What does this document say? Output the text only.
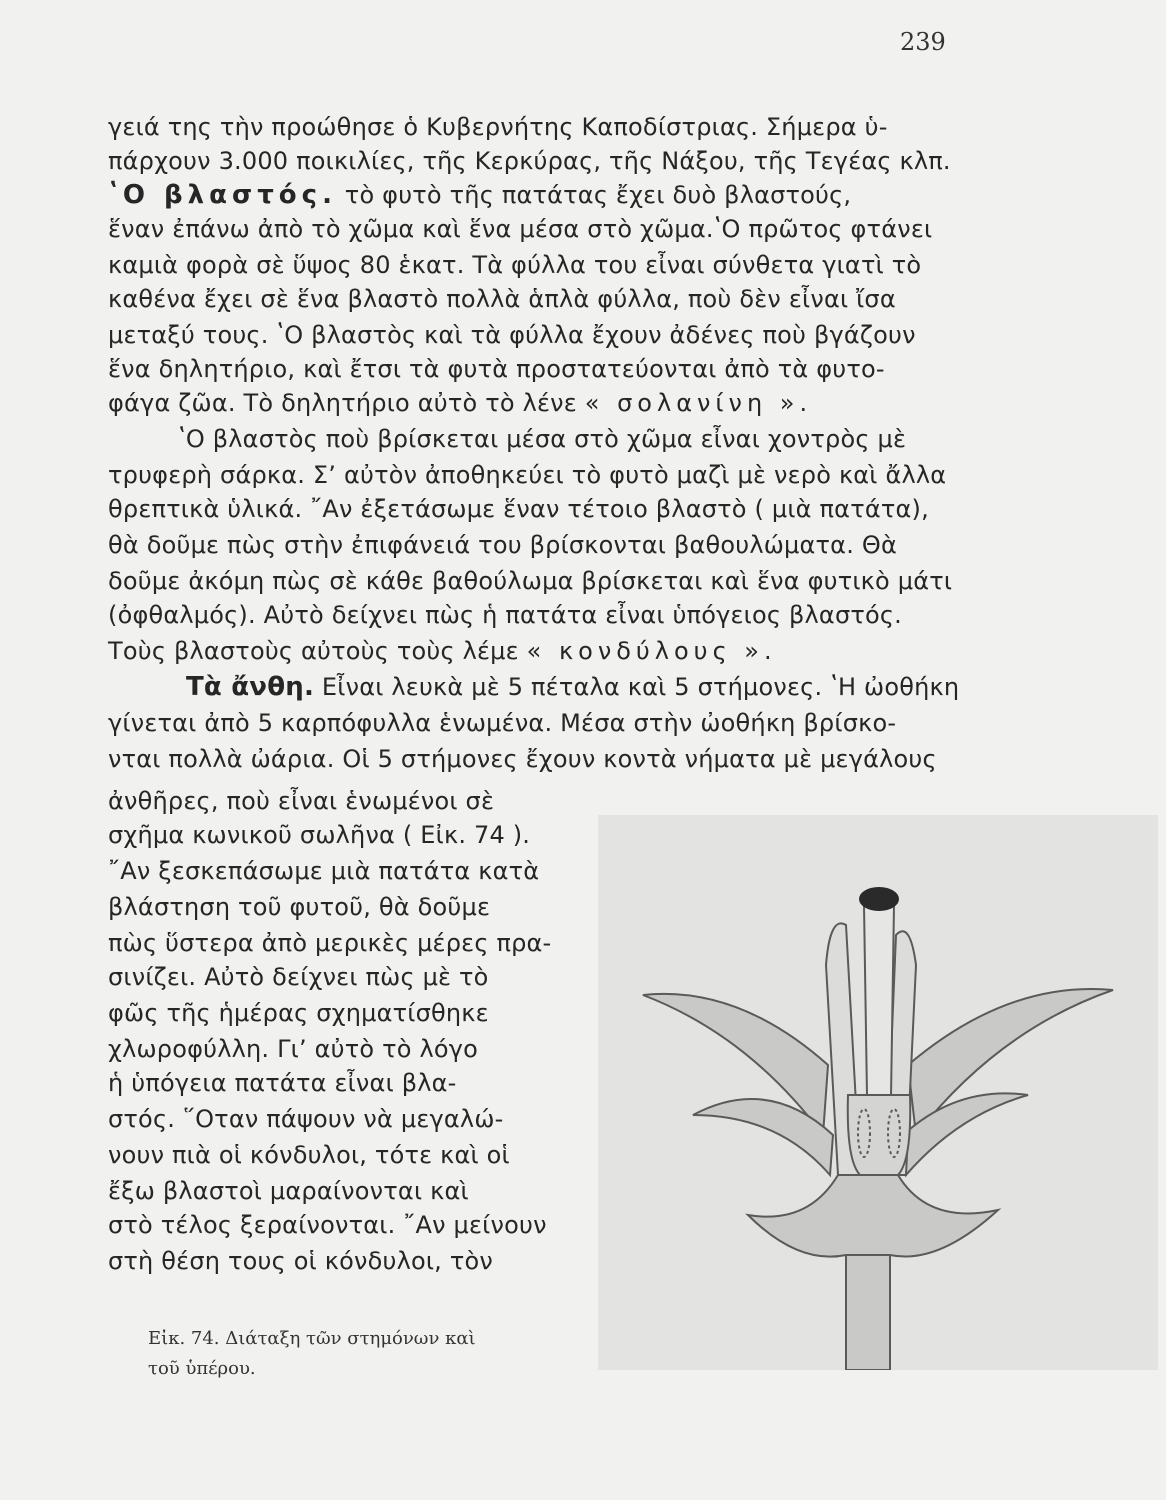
239
γειά της τὴν προώθησε ὁ Κυβερνήτης Καποδίστριας. Σήμερα ὑ-
πάρχουν 3.000 ποικιλίες, τῆς Κερκύρας, τῆς Νάξου, τῆς Τεγέας κλπ.
ʽΟ βλαστός. τὸ φυτὸ τῆς πατάτας ἔχει δυὸ βλαστούς,
ἕναν ἐπάνω ἀπὸ τὸ χῶμα καὶ ἕνα μέσα στὸ χῶμα.ʽΟ πρῶτος φτάνει
καμιὰ φορὰ σὲ ὕψος 80 ἑκατ. Τὰ φύλλα του εἶναι σύνθετα γιατὶ τὸ
καθένα ἔχει σὲ ἕνα βλαστὸ πολλὰ ἁπλὰ φύλλα, ποὺ δὲν εἶναι ἴσα
μεταξύ τους. ʽΟ βλαστὸς καὶ τὰ φύλλα ἔχουν ἀδένες ποὺ βγάζουν
ἕνα δηλητήριο, καὶ ἔτσι τὰ φυτὰ προστατεύονται ἀπὸ τὰ φυτο-
φάγα ζῶα. Τὸ δηλητήριο αὐτὸ τὸ λένε « σολανίνη ».
ʽΟ βλαστὸς ποὺ βρίσκεται μέσα στὸ χῶμα εἶναι χοντρὸς μὲ
τρυφερὴ σάρκα. Σ’ αὐτὸν ἀποθηκεύει τὸ φυτὸ μαζὶ μὲ νερὸ καὶ ἄλλα
θρεπτικὰ ὑλικά. ῎Αν ἐξετάσωμε ἕναν τέτοιο βλαστὸ ( μιὰ πατάτα),
θὰ δοῦμε πὼς στὴν ἐπιφάνειά του βρίσκονται βαθουλώματα. Θὰ
δοῦμε ἀκόμη πὼς σὲ κάθε βαθούλωμα βρίσκεται καὶ ἕνα φυτικὸ μάτι
(ὀφθαλμός). Αὐτὸ δείχνει πὼς ἡ πατάτα εἶναι ὑπόγειος βλαστός.
Τοὺς βλαστοὺς αὐτοὺς τοὺς λέμε « κονδύλους ».
Τὰ ἄνθη. Εἶναι λευκὰ μὲ 5 πέταλα καὶ 5 στήμονες. ʽΗ ὠοθήκη
γίνεται ἀπὸ 5 καρπόφυλλα ἑνωμένα. Μέσα στὴν ὠοθήκη βρίσκο-
νται πολλὰ ὠάρια. Οἱ 5 στήμονες ἔχουν κοντὰ νήματα μὲ μεγάλους
ἀνθῆρες, ποὺ εἶναι ἑνωμένοι σὲ
σχῆμα κωνικοῦ σωλῆνα ( Εἰκ. 74 ).
῎Αν ξεσκεπάσωμε μιὰ πατάτα κατὰ
βλάστηση τοῦ φυτοῦ, θὰ δοῦμε
πὼς ὕστερα ἀπὸ μερικὲς μέρες πρα-
σινίζει. Αὐτὸ δείχνει πὼς μὲ τὸ
φῶς τῆς ἡμέρας σχηματίσθηκε
χλωροφύλλη. Γι’ αὐτὸ τὸ λόγο
ἡ ὑπόγεια πατάτα εἶναι βλα-
στός. ῞Οταν πάψουν νὰ μεγαλώ-
νουν πιὰ οἱ κόνδυλοι, τότε καὶ οἱ
ἔξω βλαστοὶ μαραίνονται καὶ
στὸ τέλος ξεραίνονται. ῎Αν μείνουν
στὴ θέση τους οἱ κόνδυλοι, τὸν
Εἰκ. 74. Διάταξη τῶν στημόνων καὶ
τοῦ ὑπέρου.
